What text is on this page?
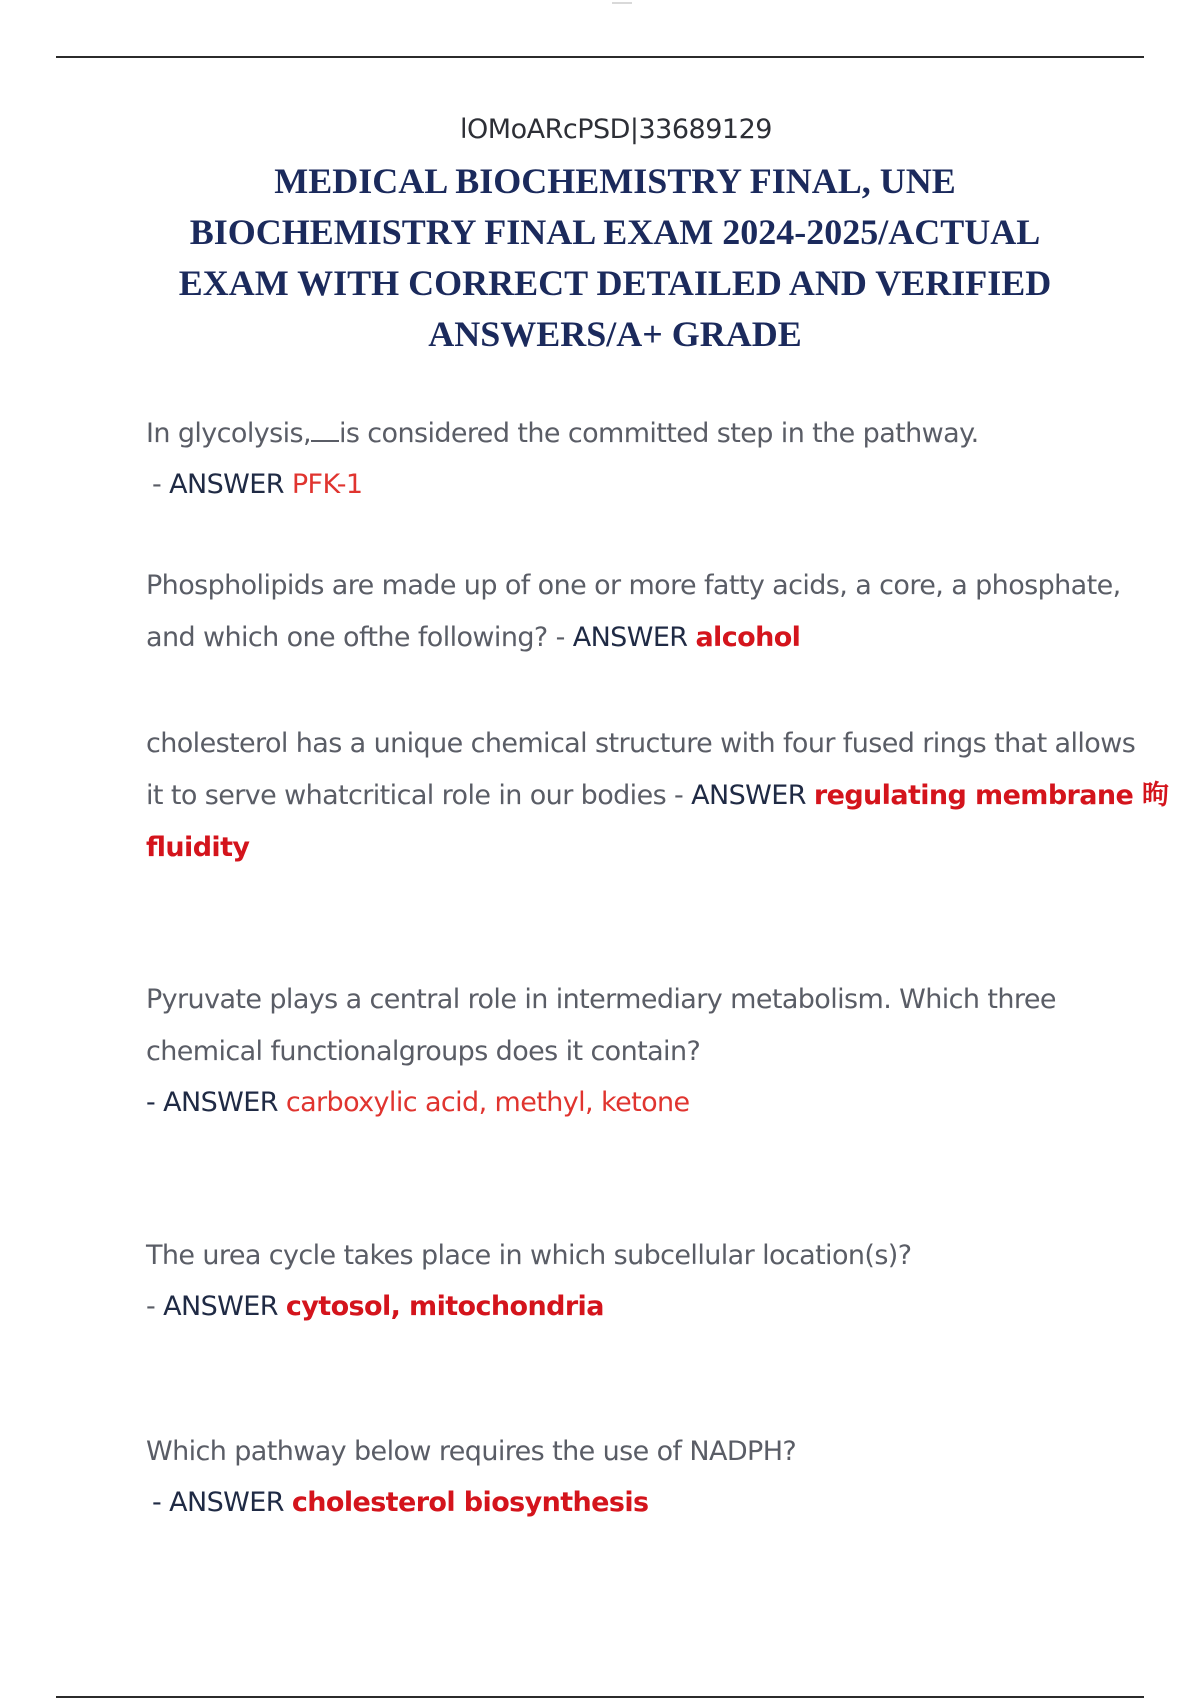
lOMoARcPSD|33689129
MEDICAL BIOCHEMISTRY FINAL, UNE BIOCHEMISTRY FINAL EXAM 2024-2025/ACTUAL EXAM WITH CORRECT DETAILED AND VERIFIED ANSWERS/A+ GRADE
In glycolysis, is considered the committed step in the pathway.
- ANSWER PFK-1
Phospholipids are made up of one or more fatty acids, a core, a phosphate,
and which one ofthe following? - ANSWER alcohol
cholesterol has a unique chemical structure with four fused rings that allows
it to serve whatcritical role in our bodies - ANSWER regulating membrane 昫
ﬂuidity
Pyruvate plays a central role in intermediary metabolism. Which three
chemical functionalgroups does it contain?
- ANSWER carboxylic acid, methyl, ketone
The urea cycle takes place in which subcellular location(s)?
- ANSWER cytosol, mitochondria
Which pathway below requires the use of NADPH?
- ANSWER cholesterol biosynthesis
